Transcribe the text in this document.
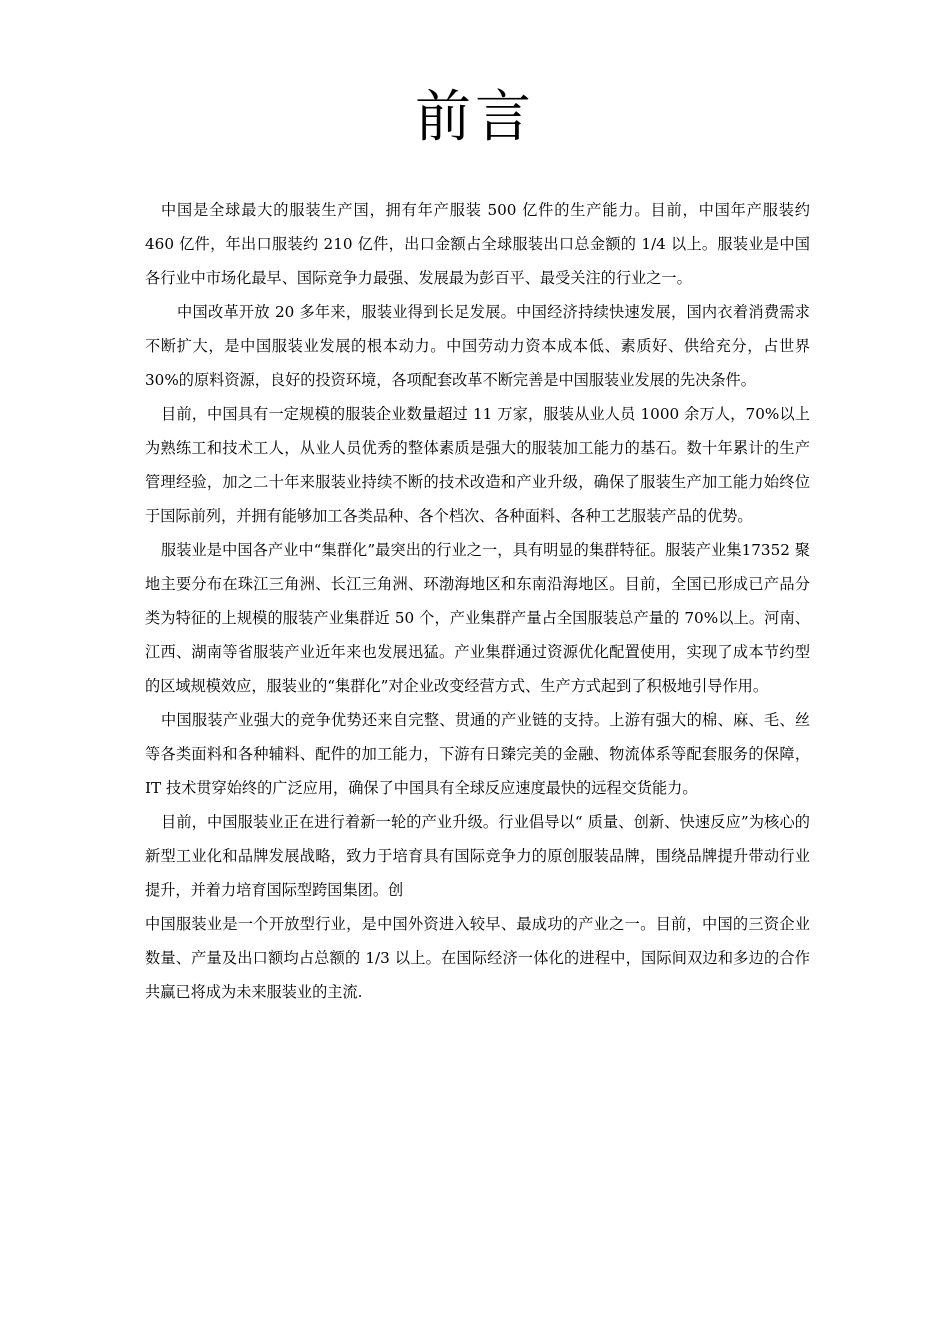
前言

中国是全球最大的服装生产国，拥有年产服装 500 亿件的生产能力。目前，中国年产服装约 460 亿件，年出口服装约 210 亿件，出口金额占全球服装出口总金额的 1/4 以上。服装业是中国各行业中市场化最早、国际竞争力最强、发展最为彭百平、最受关注的行业之一。

中国改革开放 20 多年来，服装业得到长足发展。中国经济持续快速发展，国内衣着消费需求不断扩大，是中国服装业发展的根本动力。中国劳动力资本成本低、素质好、供给充分，占世界 30%的原料资源，良好的投资环境，各项配套改革不断完善是中国服装业发展的先决条件。

目前，中国具有一定规模的服装企业数量超过 11 万家，服装从业人员 1000 余万人，70%以上为熟练工和技术工人，从业人员优秀的整体素质是强大的服装加工能力的基石。数十年累计的生产管理经验，加之二十年来服装业持续不断的技术改造和产业升级，确保了服装生产加工能力始终位于国际前列，并拥有能够加工各类品种、各个档次、各种面料、各种工艺服装产品的优势。

服装业是中国各产业中“集群化”最突出的行业之一，具有明显的集群特征。服装产业集17352 聚地主要分布在珠江三角洲、长江三角洲、环渤海地区和东南沿海地区。目前，全国已形成已产品分类为特征的上规模的服装产业集群近 50 个，产业集群产量占全国服装总产量的 70%以上。河南、江西、湖南等省服装产业近年来也发展迅猛。产业集群通过资源优化配置使用，实现了成本节约型的区域规模效应，服装业的“集群化”对企业改变经营方式、生产方式起到了积极地引导作用。

中国服装产业强大的竞争优势还来自完整、贯通的产业链的支持。上游有强大的棉、麻、毛、丝等各类面料和各种辅料、配件的加工能力，下游有日臻完美的金融、物流体系等配套服务的保障，IT 技术贯穿始终的广泛应用，确保了中国具有全球反应速度最快的远程交货能力。

目前，中国服装业正在进行着新一轮的产业升级。行业倡导以“ 质量、创新、快速反应”为核心的新型工业化和品牌发展战略，致力于培育具有国际竞争力的原创服装品牌，围绕品牌提升带动行业提升，并着力培育国际型跨国集团。创

中国服装业是一个开放型行业，是中国外资进入较早、最成功的产业之一。目前，中国的三资企业数量、产量及出口额均占总额的 1/3 以上。在国际经济一体化的进程中，国际间双边和多边的合作共赢已将成为未来服装业的主流.
